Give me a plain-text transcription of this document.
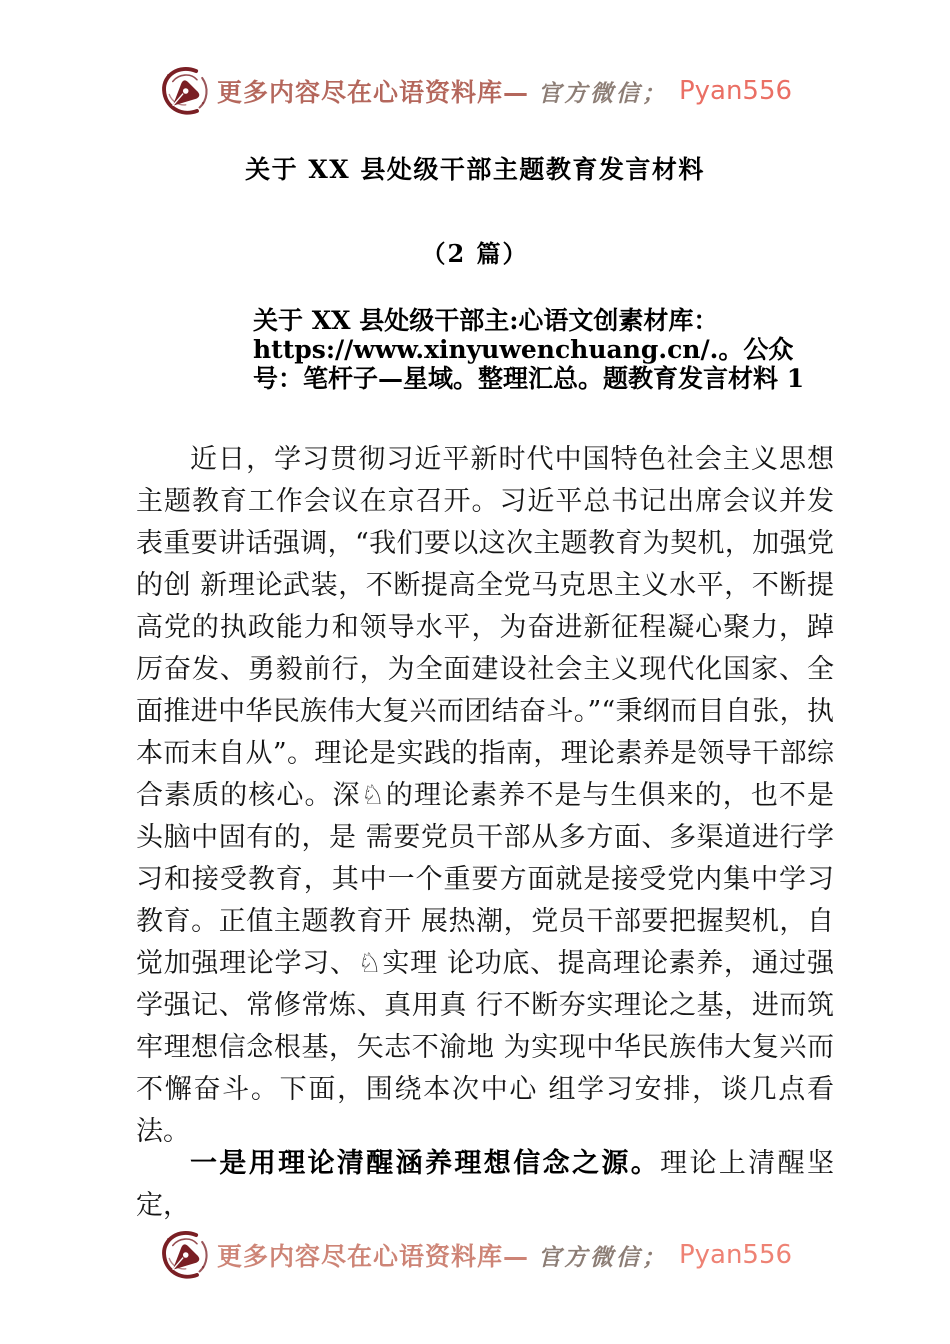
更多内容尽在心语资料库— 官方微信； Pyan556
关于 XX 县处级干部主题教育发言材料
（2 篇）
关于 XX 县处级干部主:心语文创素材库：https://www.xinyuwenchuang.cn/.。公众号：笔杆子—星域。整理汇总。题教育发言材料 1

近日，学习贯彻习近平新时代中国特色社会主义思想主题教育工作会议在京召开。习近平总书记出席会议并发表重要讲话强调，“我们要以这次主题教育为契机，加强党的创 新理论武装，不断提高全党马克思主义水平，不断提高党的执政能力和领导水平，为奋进新征程凝心聚力，踔厉奋发、勇毅前行，为全面建设社会主义现代化国家、全面推进中华民族伟大复兴而团结奋斗。”“秉纲而目自张，执本而末自从”。理论是实践的指南，理论素养是领导干部综合素质的核心。深♘的理论素养不是与生俱来的，也不是头脑中固有的，是 需要党员干部从多方面、多渠道进行学习和接受教育，其中一个重要方面就是接受党内集中学习教育。正值主题教育开 展热潮，党员干部要把握契机，自觉加强理论学习、♘实理 论功底、提高理论素养，通过强学强记、常修常炼、真用真 行不断夯实理论之基，进而筑牢理想信念根基，矢志不渝地 为实现中华民族伟大复兴而不懈奋斗。下面，围绕本次中心 组学习安排，谈几点看法。

一是用理论清醒涵养理想信念之源。理论上清醒坚定，

更多内容尽在心语资料库— 官方微信； Pyan556
